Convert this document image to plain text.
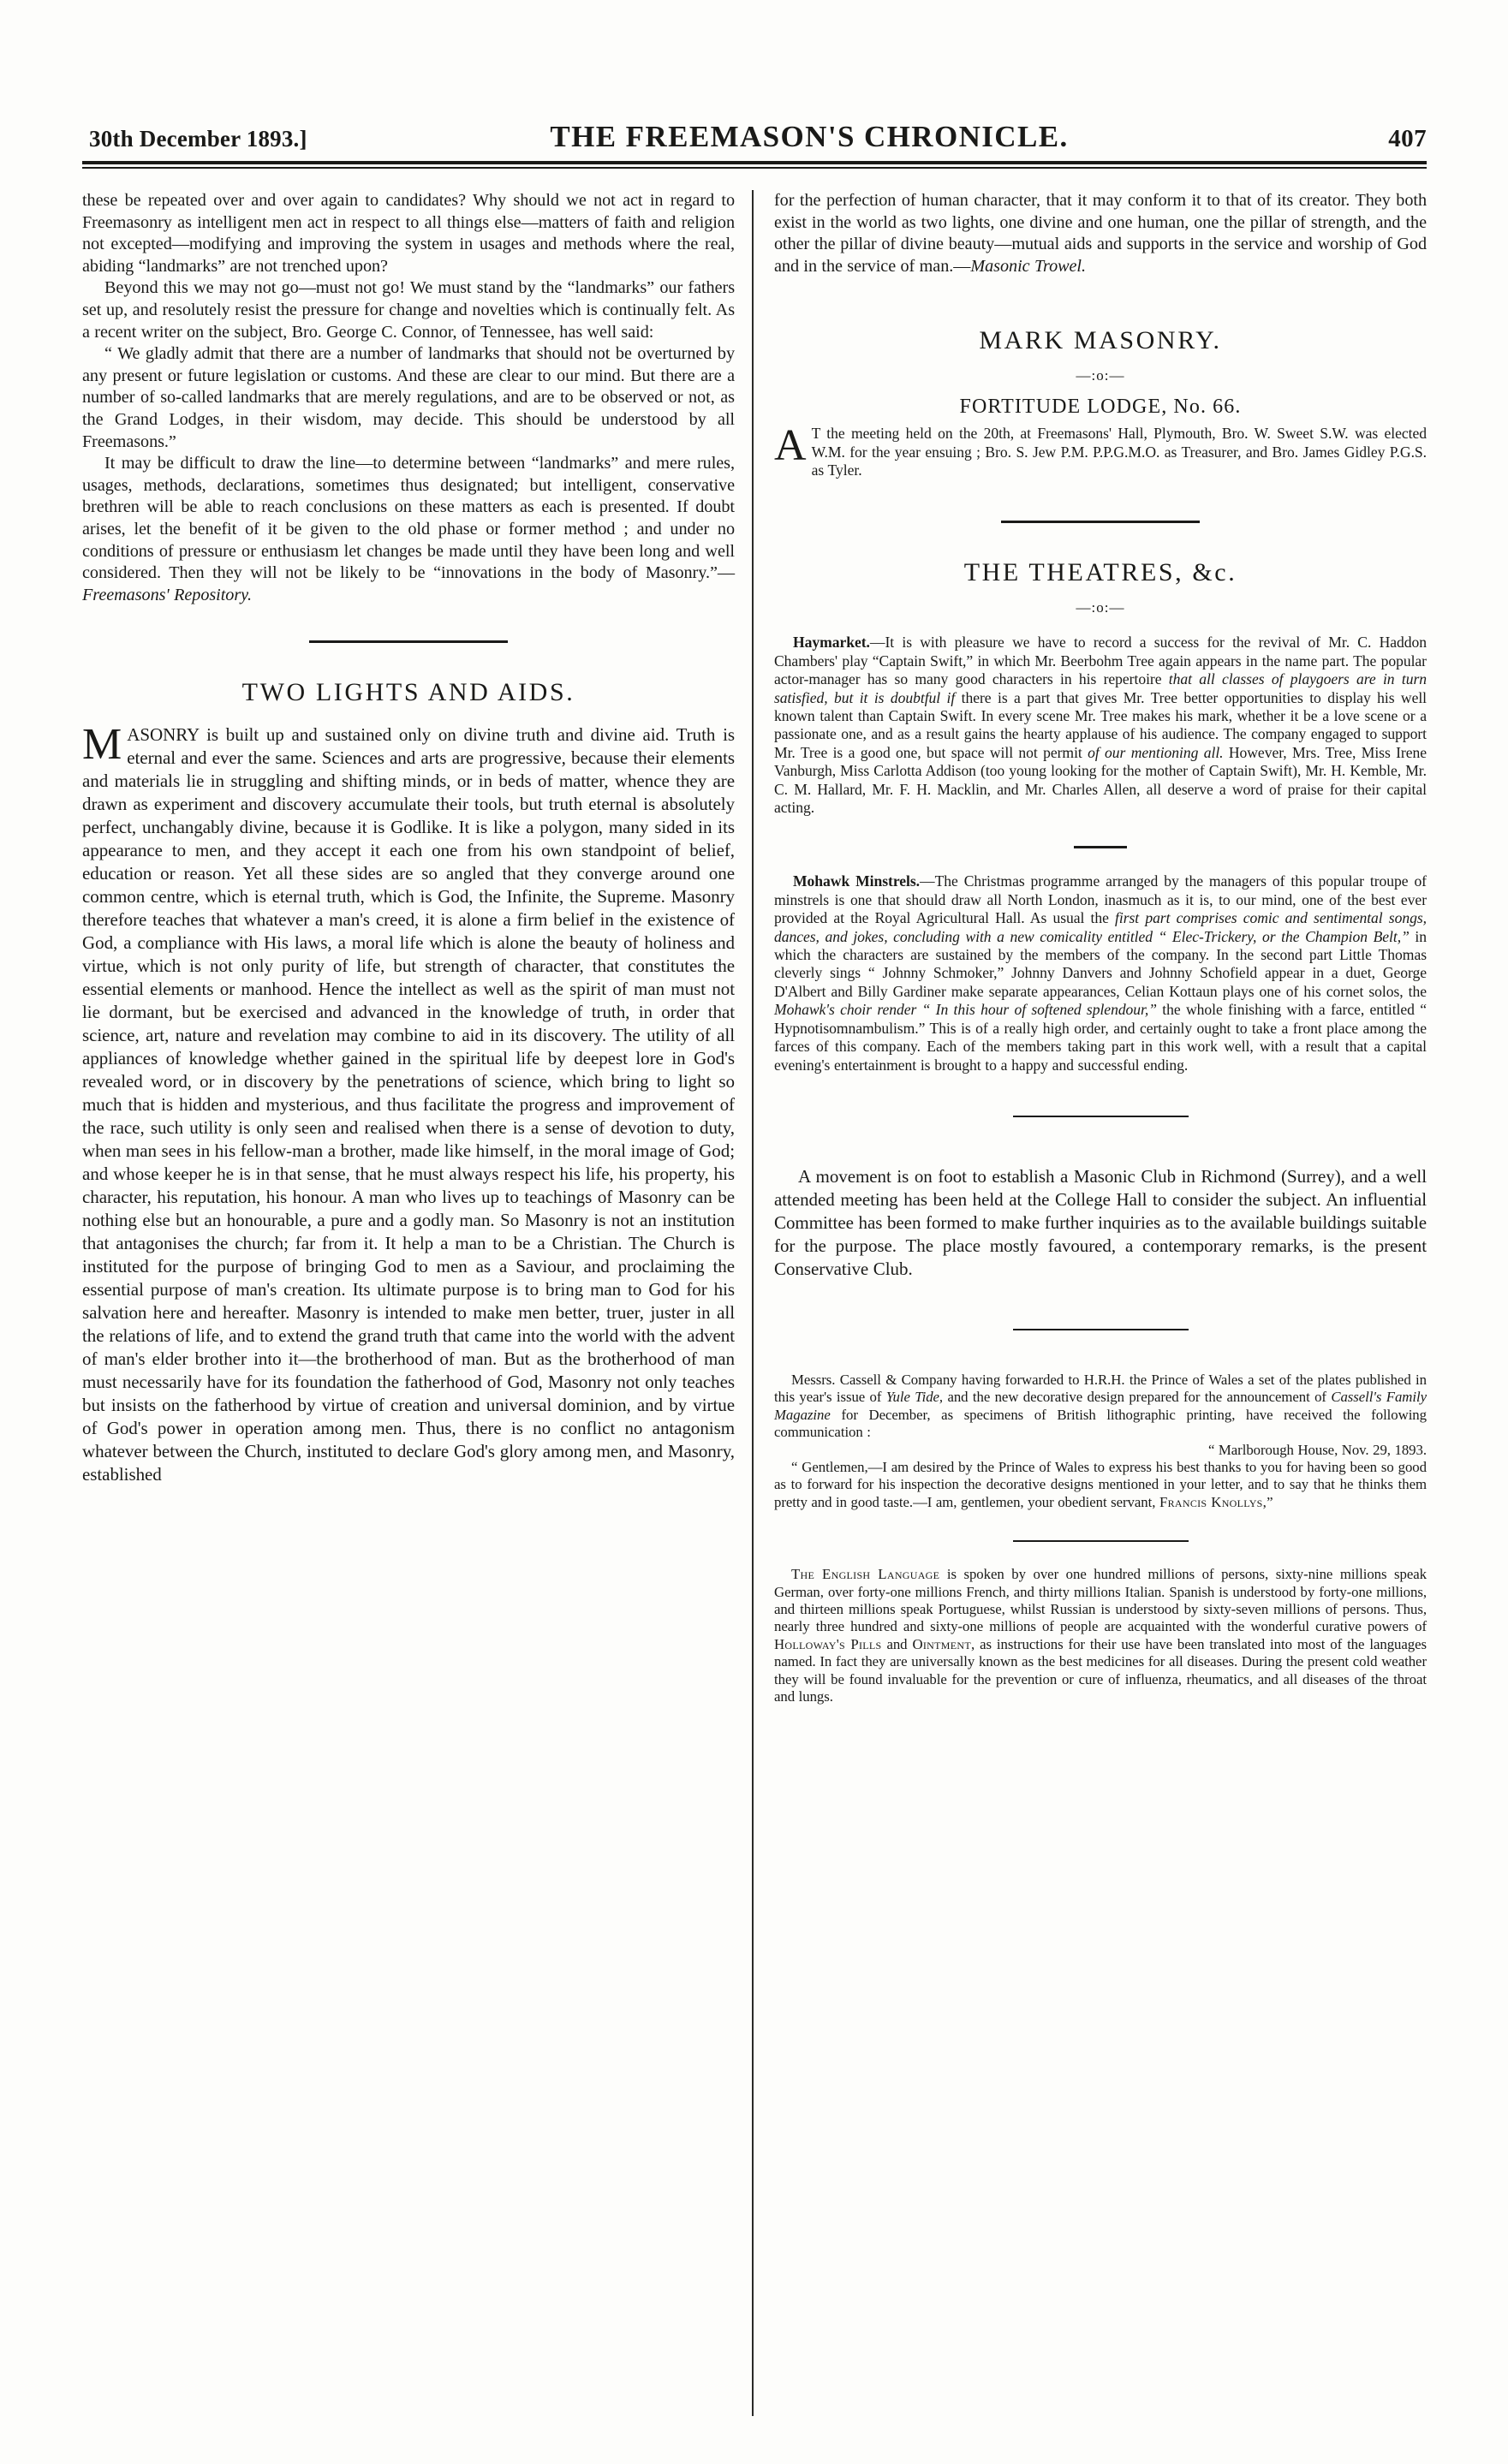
30th December 1893.]	THE FREEMASON'S CHRONICLE.	407

these be repeated over and over again to candidates? Why should we not act in regard to Freemasonry as intelligent men act in respect to all things else—matters of faith and religion not excepted—modifying and improving the system in usages and methods where the real, abiding “landmarks” are not trenched upon?

Beyond this we may not go—must not go! We must stand by the “landmarks” our fathers set up, and resolutely resist the pressure for change and novelties which is continually felt. As a recent writer on the subject, Bro. George C. Connor, of Tennessee, has well said:

“ We gladly admit that there are a number of landmarks that should not be overturned by any present or future legislation or customs. And these are clear to our mind. But there are a number of so-called landmarks that are merely regulations, and are to be observed or not, as the Grand Lodges, in their wisdom, may decide. This should be understood by all Freemasons.”

It may be difficult to draw the line—to determine between “landmarks” and mere rules, usages, methods, declarations, sometimes thus designated; but intelligent, conservative brethren will be able to reach conclusions on these matters as each is presented. If doubt arises, let the benefit of it be given to the old phase or former method ; and under no conditions of pressure or enthusiasm let changes be made until they have been long and well considered. Then they will not be likely to be “innovations in the body of Masonry.”—Freemasons' Repository.

TWO LIGHTS AND AIDS.
M ASONRY is built up and sustained only on divine truth and divine aid. Truth is eternal and ever the same. Sciences and arts are progressive, because their elements and materials lie in struggling and shifting minds, or in beds of matter, whence they are drawn as experiment and discovery accumulate their tools, but truth eternal is absolutely perfect, unchangably divine, because it is Godlike. It is like a polygon, many sided in its appearance to men, and they accept it each one from his own standpoint of belief, education or reason. Yet all these sides are so angled that they converge around one common centre, which is eternal truth, which is God, the Infinite, the Supreme. Masonry therefore teaches that whatever a man's creed, it is alone a firm belief in the existence of God, a compliance with His laws, a moral life which is alone the beauty of holiness and virtue, which is not only purity of life, but strength of character, that constitutes the essential elements or manhood. Hence the intellect as well as the spirit of man must not lie dormant, but be exercised and advanced in the knowledge of truth, in order that science, art, nature and revelation may combine to aid in its discovery. The utility of all appliances of knowledge whether gained in the spiritual life by deepest lore in God's revealed word, or in discovery by the penetrations of science, which bring to light so much that is hidden and mysterious, and thus facilitate the progress and improvement of the race, such utility is only seen and realised when there is a sense of devotion to duty, when man sees in his fellow-man a brother, made like himself, in the moral image of God; and whose keeper he is in that sense, that he must always respect his life, his property, his character, his reputation, his honour. A man who lives up to teachings of Masonry can be nothing else but an honourable, a pure and a godly man. So Masonry is not an institution that antagonises the church; far from it. It help a man to be a Christian. The Church is instituted for the purpose of bringing God to men as a Saviour, and proclaiming the essential purpose of man's creation. Its ultimate purpose is to bring man to God for his salvation here and hereafter. Masonry is intended to make men better, truer, juster in all the relations of life, and to extend the grand truth that came into the world with the advent of man's elder brother into it—the brotherhood of man. But as the brotherhood of man must necessarily have for its foundation the fatherhood of God, Masonry not only teaches but insists on the fatherhood by virtue of creation and universal dominion, and by virtue of God's power in operation among men. Thus, there is no conflict no antagonism whatever between the Church, instituted to declare God's glory among men, and Masonry, established

for the perfection of human character, that it may conform it to that of its creator. They both exist in the world as two lights, one divine and one human, one the pillar of strength, and the other the pillar of divine beauty—mutual aids and supports in the service and worship of God and in the service of man.—Masonic Trowel.

MARK MASONRY.
—:o:—
FORTITUDE LODGE, No. 66.
A T the meeting held on the 20th, at Freemasons' Hall, Plymouth, Bro. W. Sweet S.W. was elected W.M. for the year ensuing ; Bro. S. Jew P.M. P.P.G.M.O. as Treasurer, and Bro. James Gidley P.G.S. as Tyler.

THE THEATRES, &c.
—:o:—

Haymarket.—It is with pleasure we have to record a success for the revival of Mr. C. Haddon Chambers' play “Captain Swift,” in which Mr. Beerbohm Tree again appears in the name part. The popular actor-manager has so many good characters in his repertoire that all classes of playgoers are in turn satisfied, but it is doubtful if there is a part that gives Mr. Tree better opportunities to display his well known talent than Captain Swift. In every scene Mr. Tree makes his mark, whether it be a love scene or a passionate one, and as a result gains the hearty applause of his audience. The company engaged to support Mr. Tree is a good one, but space will not permit of our mentioning all. However, Mrs. Tree, Miss Irene Vanburgh, Miss Carlotta Addison (too young looking for the mother of Captain Swift), Mr. H. Kemble, Mr. C. M. Hallard, Mr. F. H. Macklin, and Mr. Charles Allen, all deserve a word of praise for their capital acting.

Mohawk Minstrels.—The Christmas programme arranged by the managers of this popular troupe of minstrels is one that should draw all North London, inasmuch as it is, to our mind, one of the best ever provided at the Royal Agricultural Hall. As usual the first part comprises comic and sentimental songs, dances, and jokes, concluding with a new comicality entitled “ Elec-Trickery, or the Champion Belt,” in which the characters are sustained by the members of the company. In the second part Little Thomas cleverly sings “ Johnny Schmoker,” Johnny Danvers and Johnny Schofield appear in a duet, George D'Albert and Billy Gardiner make separate appearances, Celian Kottaun plays one of his cornet solos, the Mohawk's choir render “ In this hour of softened splendour,” the whole finishing with a farce, entitled “ Hypnotisomnambulism.” This is of a really high order, and certainly ought to take a front place among the farces of this company. Each of the members taking part in this work well, with a result that a capital evening's entertainment is brought to a happy and successful ending.

A movement is on foot to establish a Masonic Club in Richmond (Surrey), and a well attended meeting has been held at the College Hall to consider the subject. An influential Committee has been formed to make further inquiries as to the available buildings suitable for the purpose. The place mostly favoured, a contemporary remarks, is the present Conservative Club.

Messrs. Cassell & Company having forwarded to H.R.H. the Prince of Wales a set of the plates published in this year's issue of Yule Tide, and the new decorative design prepared for the announcement of Cassell's Family Magazine for December, as specimens of British lithographic printing, have received the following communication :

“ Marlborough House, Nov. 29, 1893.

“ Gentlemen,—I am desired by the Prince of Wales to express his best thanks to you for having been so good as to forward for his inspection the decorative designs mentioned in your letter, and to say that he thinks them pretty and in good taste.—I am, gentlemen, your obedient servant, Francis Knollys,”

The English Language is spoken by over one hundred millions of persons, sixty-nine millions speak German, over forty-one millions French, and thirty millions Italian. Spanish is understood by forty-one millions, and thirteen millions speak Portuguese, whilst Russian is understood by sixty-seven millions of persons. Thus, nearly three hundred and sixty-one millions of people are acquainted with the wonderful curative powers of Holloway's Pills and Ointment, as instructions for their use have been translated into most of the languages named. In fact they are universally known as the best medicines for all diseases. During the present cold weather they will be found invaluable for the prevention or cure of influenza, rheumatics, and all diseases of the throat and lungs.
